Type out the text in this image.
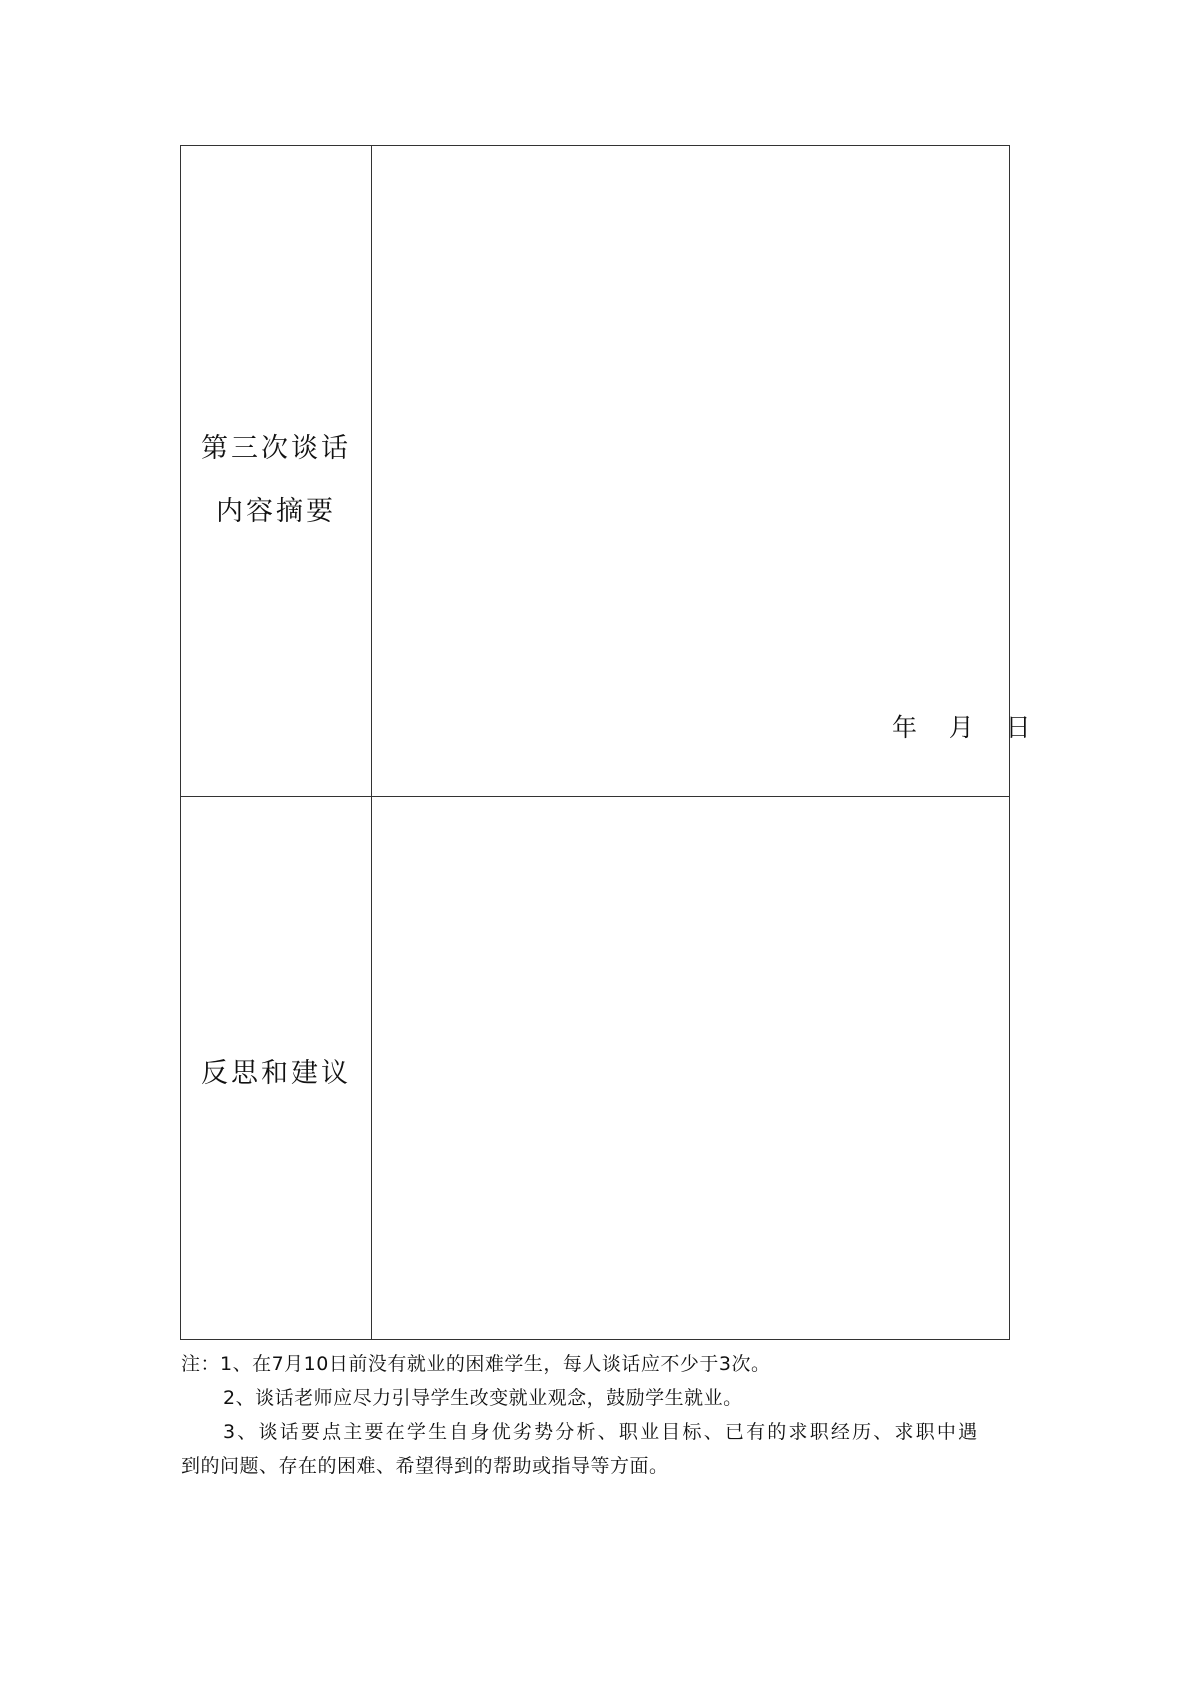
第三次谈话
内容摘要
年    月    日
反思和建议

注：1、在7月10日前没有就业的困难学生，每人谈话应不少于3次。

2、谈话老师应尽力引导学生改变就业观念，鼓励学生就业。

3、谈话要点主要在学生自身优劣势分析、职业目标、已有的求职经历、求职中遇

到的问题、存在的困难、希望得到的帮助或指导等方面。
